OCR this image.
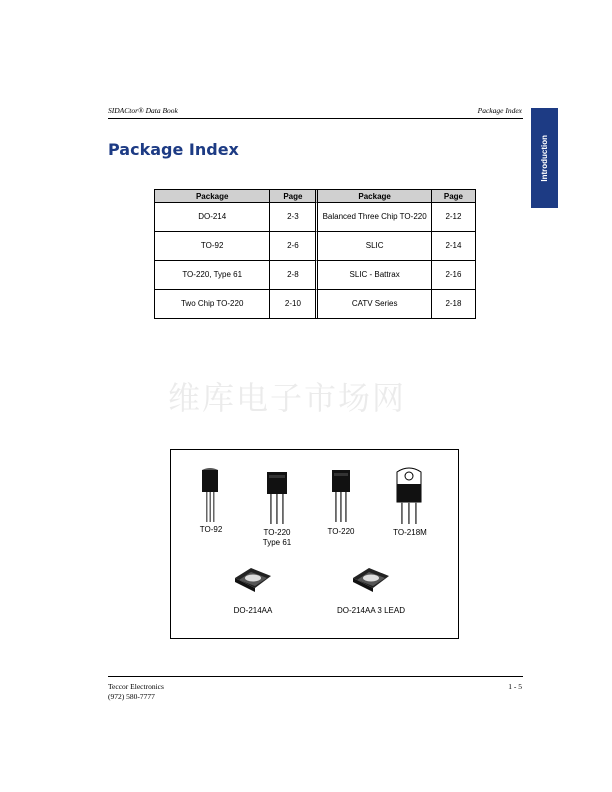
SIDACtor® Data Book	Package Index
Introduction
Package Index
Package	Page	Package	Page
DO-214	2-3	Balanced Three Chip TO-220	2-12
TO-92	2-6	SLIC	2-14
TO-220, Type 61	2-8	SLIC - Battrax	2-16
Two Chip TO-220	2-10	CATV Series	2-18
维库电子市场网
TO-92	TO-220
Type 61
TO-220	TO-218M
DO-214AA	DO-214AA 3 LEAD
Teccor Electronics
(972) 580-7777
1 - 5
